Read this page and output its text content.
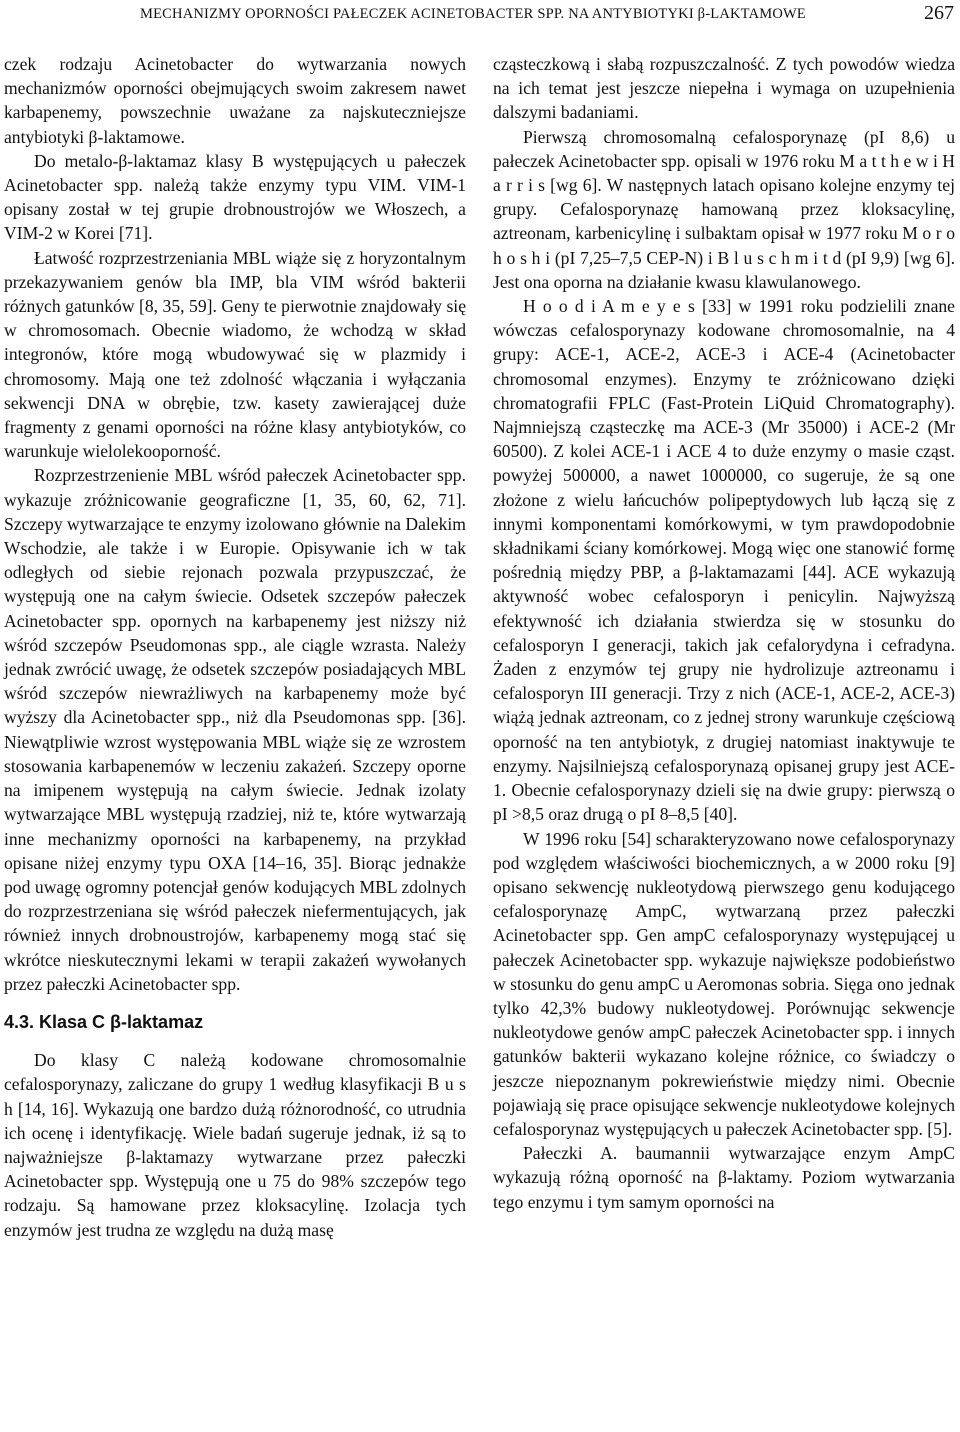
MECHANIZMY OPORNOŚCI PAŁECZEK ACINETOBACTER SPP. NA ANTYBIOTYKI β-LAKTAMOWE	267

czek rodzaju Acinetobacter do wytwarzania nowych mechanizmów oporności obejmujących swoim zakresem nawet karbapenemy, powszechnie uważane za najskuteczniejsze antybiotyki β-laktamowe.

Do metalo-β-laktamaz klasy B występujących u pałeczek Acinetobacter spp. należą także enzymy typu VIM. VIM-1 opisany został w tej grupie drobnoustrojów we Włoszech, a VIM-2 w Korei [71].

Łatwość rozprzestrzeniania MBL wiąże się z horyzontalnym przekazywaniem genów bla IMP, bla VIM wśród bakterii różnych gatunków [8, 35, 59]. Geny te pierwotnie znajdowały się w chromosomach. Obecnie wiadomo, że wchodzą w skład integronów, które mogą wbudowywać się w plazmidy i chromosomy. Mają one też zdolność włączania i wyłączania sekwencji DNA w obrębie, tzw. kasety zawierającej duże fragmenty z genami oporności na różne klasy antybiotyków, co warunkuje wielolekooporność.

Rozprzestrzenienie MBL wśród pałeczek Acinetobacter spp. wykazuje zróżnicowanie geograficzne [1, 35, 60, 62, 71]. Szczepy wytwarzające te enzymy izolowano głównie na Dalekim Wschodzie, ale także i w Europie. Opisywanie ich w tak odległych od siebie rejonach pozwala przypuszczać, że występują one na całym świecie. Odsetek szczepów pałeczek Acinetobacter spp. opornych na karbapenemy jest niższy niż wśród szczepów Pseudomonas spp., ale ciągle wzrasta. Należy jednak zwrócić uwagę, że odsetek szczepów posiadających MBL wśród szczepów niewrażliwych na karbapenemy może być wyższy dla Acinetobacter spp., niż dla Pseudomonas spp. [36]. Niewątpliwie wzrost występowania MBL wiąże się ze wzrostem stosowania karbapenemów w leczeniu zakażeń. Szczepy oporne na imipenem występują na całym świecie. Jednak izolaty wytwarzające MBL występują rzadziej, niż te, które wytwarzają inne mechanizmy oporności na karbapenemy, na przykład opisane niżej enzymy typu OXA [14–16, 35]. Biorąc jednakże pod uwagę ogromny potencjał genów kodujących MBL zdolnych do rozprzestrzeniana się wśród pałeczek niefermentujących, jak również innych drobnoustrojów, karbapenemy mogą stać się wkrótce nieskutecznymi lekami w terapii zakażeń wywołanych przez pałeczki Acinetobacter spp.

4.3. Klasa C β-laktamaz

Do klasy C należą kodowane chromosomalnie cefalosporynazy, zaliczane do grupy 1 według klasyfikacji B u s h [14, 16]. Wykazują one bardzo dużą różnorodność, co utrudnia ich ocenę i identyfikację. Wiele badań sugeruje jednak, iż są to najważniejsze β-laktamazy wytwarzane przez pałeczki Acinetobacter spp. Występują one u 75 do 98% szczepów tego rodzaju. Są hamowane przez kloksacylinę. Izolacja tych enzymów jest trudna ze względu na dużą masę

cząsteczkową i słabą rozpuszczalność. Z tych powodów wiedza na ich temat jest jeszcze niepełna i wymaga on uzupełnienia dalszymi badaniami.

Pierwszą chromosomalną cefalosporynazę (pI 8,6) u pałeczek Acinetobacter spp. opisali w 1976 roku M a t t h e w i H a r r i s [wg 6]. W następnych latach opisano kolejne enzymy tej grupy. Cefalosporynazę hamowaną przez kloksacylinę, aztreonam, karbenicylinę i sulbaktam opisał w 1977 roku M o r o h o s h i (pI 7,25–7,5 CEP-N) i B l u s c h m i t d (pI 9,9) [wg 6]. Jest ona oporna na działanie kwasu klawulanowego.

H o o d i A m e y e s [33] w 1991 roku podzielili znane wówczas cefalosporynazy kodowane chromosomalnie, na 4 grupy: ACE-1, ACE-2, ACE-3 i ACE-4 (Acinetobacter chromosomal enzymes). Enzymy te zróżnicowano dzięki chromatografii FPLC (Fast-Protein LiQuid Chromatography). Najmniejszą cząsteczkę ma ACE-3 (Mr 35000) i ACE-2 (Mr 60500). Z kolei ACE-1 i ACE 4 to duże enzymy o masie cząst. powyżej 500000, a nawet 1000000, co sugeruje, że są one złożone z wielu łańcuchów polipeptydowych lub łączą się z innymi komponentami komórkowymi, w tym prawdopodobnie składnikami ściany komórkowej. Mogą więc one stanowić formę pośrednią między PBP, a β-laktamazami [44]. ACE wykazują aktywność wobec cefalosporyn i penicylin. Najwyższą efektywność ich działania stwierdza się w stosunku do cefalosporyn I generacji, takich jak cefalorydyna i cefradyna. Żaden z enzymów tej grupy nie hydrolizuje aztreonamu i cefalosporyn III generacji. Trzy z nich (ACE-1, ACE-2, ACE-3) wiążą jednak aztreonam, co z jednej strony warunkuje częściową oporność na ten antybiotyk, z drugiej natomiast inaktywuje te enzymy. Najsilniejszą cefalosporynazą opisanej grupy jest ACE-1. Obecnie cefalosporynazy dzieli się na dwie grupy: pierwszą o pI >8,5 oraz drugą o pI 8–8,5 [40].

W 1996 roku [54] scharakteryzowano nowe cefalosporynazy pod względem właściwości biochemicznych, a w 2000 roku [9] opisano sekwencję nukleotydową pierwszego genu kodującego cefalosporynazę AmpC, wytwarzaną przez pałeczki Acinetobacter spp. Gen ampC cefalosporynazy występującej u pałeczek Acinetobacter spp. wykazuje największe podobieństwo w stosunku do genu ampC u Aeromonas sobria. Sięga ono jednak tylko 42,3% budowy nukleotydowej. Porównując sekwencje nukleotydowe genów ampC pałeczek Acinetobacter spp. i innych gatunków bakterii wykazano kolejne różnice, co świadczy o jeszcze niepoznanym pokrewieństwie między nimi. Obecnie pojawiają się prace opisujące sekwencje nukleotydowe kolejnych cefalosporynaz występujących u pałeczek Acinetobacter spp. [5].

Pałeczki A. baumannii wytwarzające enzym AmpC wykazują różną oporność na β-laktamy. Poziom wytwarzania tego enzymu i tym samym oporności na
